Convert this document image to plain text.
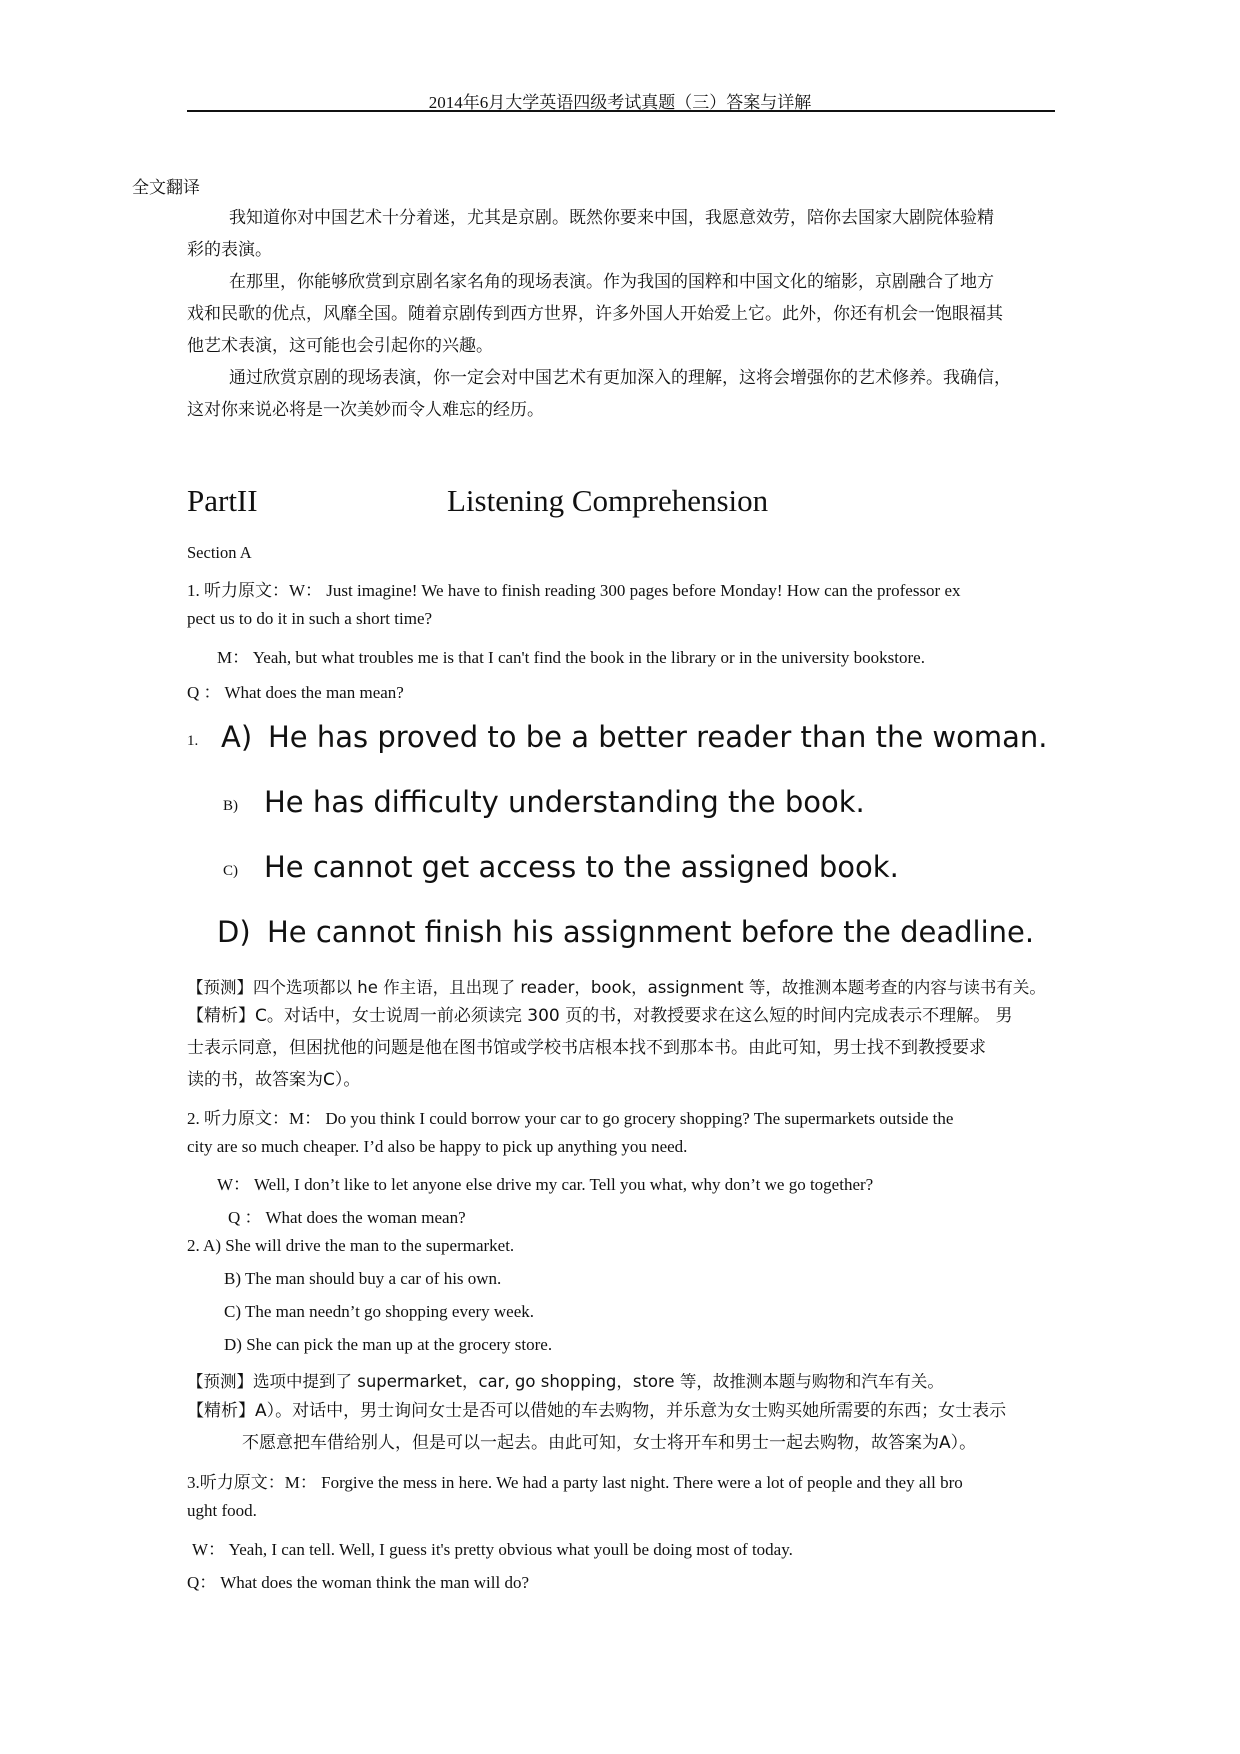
2014年6月大学英语四级考试真题（三）答案与详解
全文翻译
我知道你对中国艺术十分着迷，尤其是京剧。既然你要来中国，我愿意效劳，陪你去国家大剧院体验精
彩的表演。
在那里，你能够欣赏到京剧名家名角的现场表演。作为我国的国粹和中国文化的缩影，京剧融合了地方
戏和民歌的优点，风靡全国。随着京剧传到西方世界，许多外国人开始爱上它。此外，你还有机会一饱眼福其
他艺术表演，这可能也会引起你的兴趣。
通过欣赏京剧的现场表演，你一定会对中国艺术有更加深入的理解，这将会增强你的艺术修养。我确信，
这对你来说必将是一次美妙而令人难忘的经历。
PartII	Listening Comprehension
Section A
1. 听力原文：W： Just imagine! We have to finish reading 300 pages before Monday! How can the professor ex
pect us to do it in such a short time?
M： Yeah, but what troubles me is that I can't find the book in the library or in the university bookstore.
Q ： What does the man mean?
1. A) He has proved to be a better reader than the woman.
B) He has difficulty understanding the book.
C) He cannot get access to the assigned book.
D) He cannot finish his assignment before the deadline.
【预测】四个选项都以 he 作主语，且出现了 reader，book，assignment 等，故推测本题考查的内容与读书有关。
【精析】C。对话中，女士说周一前必须读完 300 页的书，对教授要求在这么短的时间内完成表示不理解。 男
士表示同意，但困扰他的问题是他在图书馆或学校书店根本找不到那本书。由此可知，男士找不到教授要求
读的书，故答案为C）。
2. 听力原文：M： Do you think I could borrow your car to go grocery shopping? The supermarkets outside the
city are so much cheaper. I’d also be happy to pick up anything you need.
W： Well, I don’t like to let anyone else drive my car. Tell you what, why don’t we go together?
Q ： What does the woman mean?
2. A) She will drive the man to the supermarket.
B) The man should buy a car of his own.
C) The man needn’t go shopping every week.
D) She can pick the man up at the grocery store.
【预测】选项中提到了 supermarket，car, go shopping，store 等，故推测本题与购物和汽车有关。
【精析】A）。对话中，男士询问女士是否可以借她的车去购物，并乐意为女士购买她所需要的东西；女士表示
不愿意把车借给别人，但是可以一起去。由此可知，女士将开车和男士一起去购物，故答案为A）。
3.听力原文：M： Forgive the mess in here. We had a party last night. There were a lot of people and they all bro
ught food.
W： Yeah, I can tell. Well, I guess it's pretty obvious what youll be doing most of today.
Q： What does the woman think the man will do?
